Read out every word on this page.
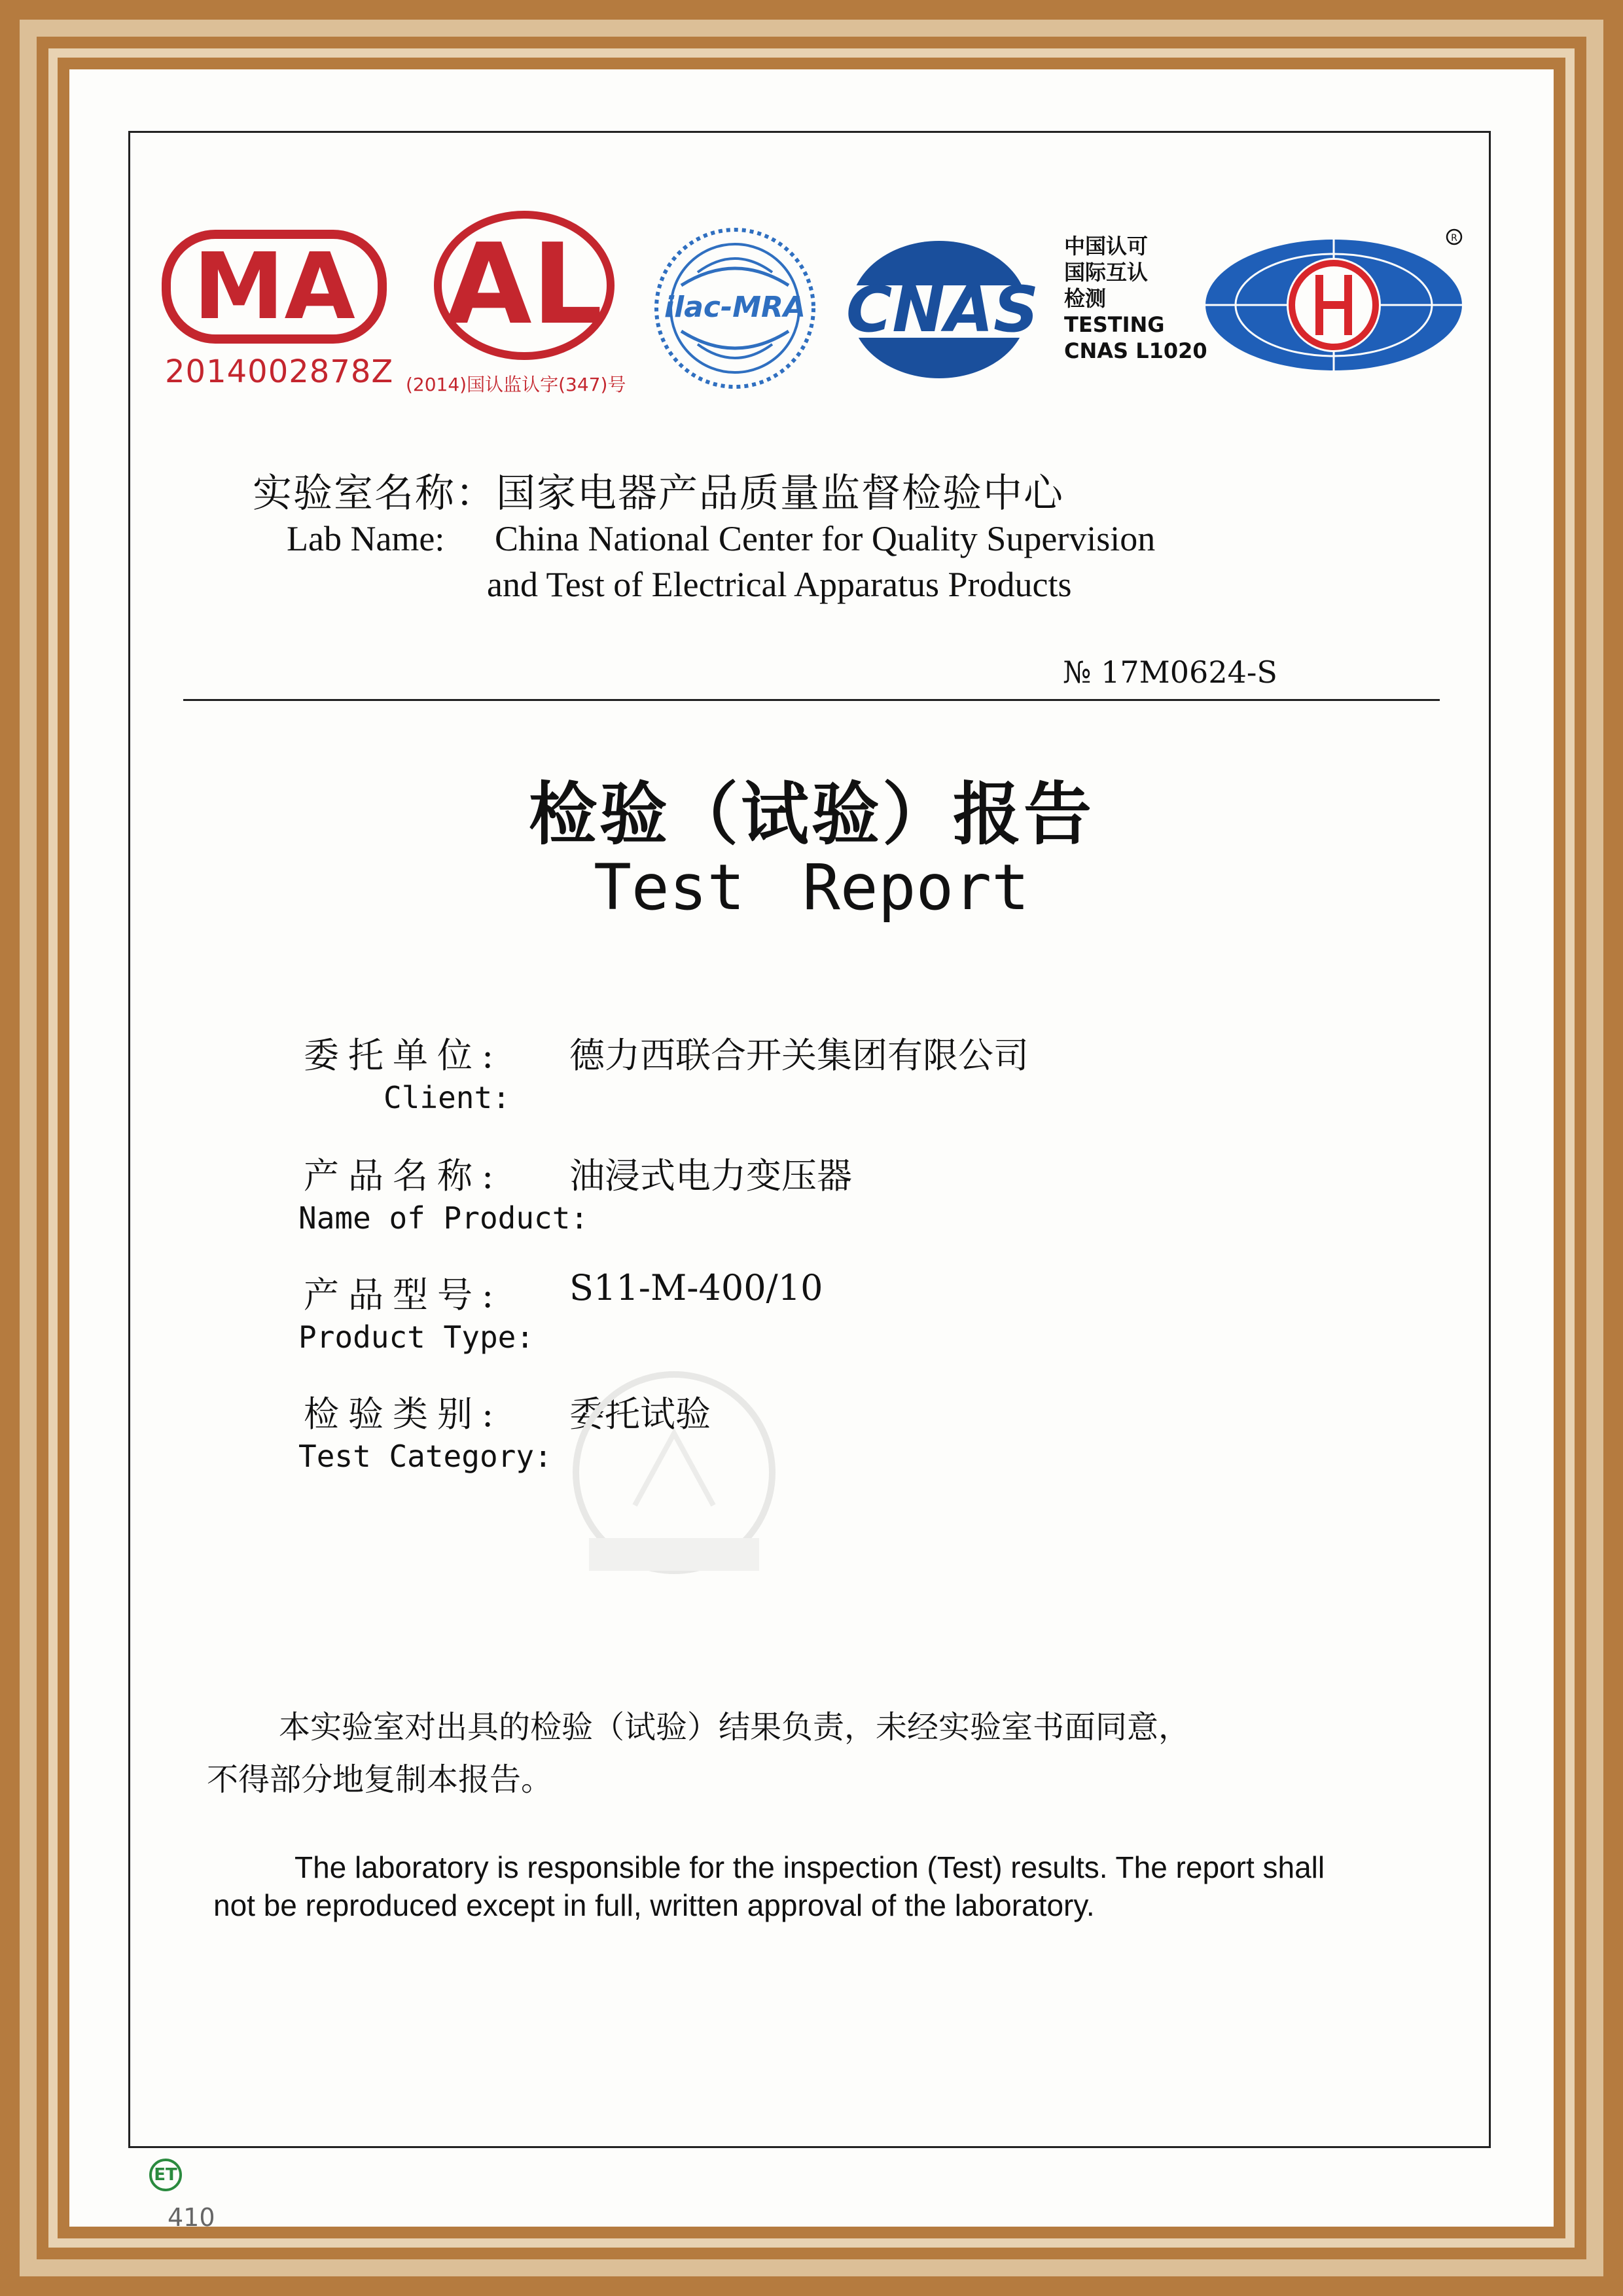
MA
2014002878Z
AL
(2014)国认监认字(347)号
ilac-MRA CNAS
中国认可
国际互认
检测
TESTING
CNAS L1020
R
实验室名称：国家电器产品质量监督检验中心
Lab Name: China National Center for Quality Supervision
and Test of Electrical Apparatus Products
№ 17M0624-S
检验（试验）报告
Test Report
委托单位: 德力西联合开关集团有限公司
Client:
产品名称: 油浸式电力变压器
Name of Product:
产品型号: S11-M-400/10
Product Type:
检验类别: 委托试验
Test Category:
本实验室对出具的检验（试验）结果负责，未经实验室书面同意，
不得部分地复制本报告。
The laboratory is responsible for the inspection (Test) results. The report shall
not be reproduced except in full, written approval of the laboratory.
ET
410
